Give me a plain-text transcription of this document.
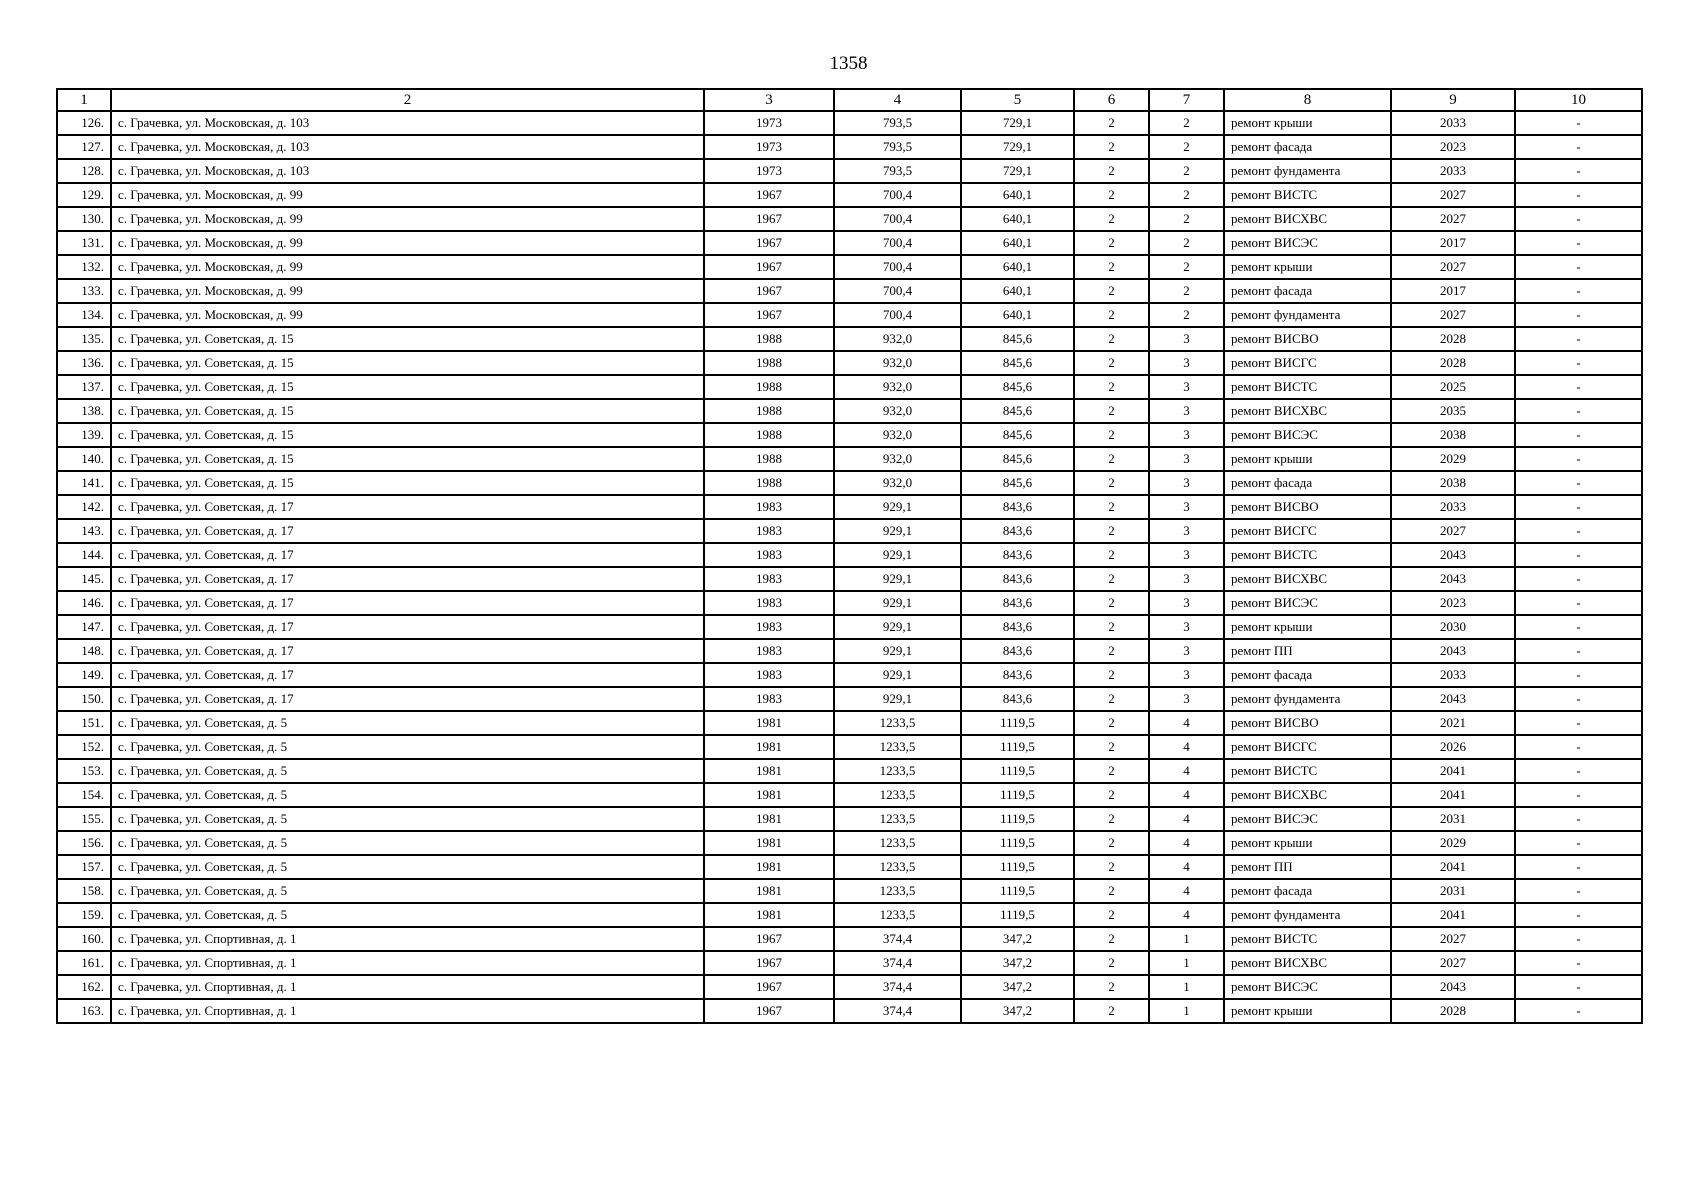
1358
1	2	3	4	5	6	7	8	9	10
126.	с. Грачевка, ул. Московская, д. 103	1973	793,5	729,1	2	2	ремонт крыши	2033	-
127.	с. Грачевка, ул. Московская, д. 103	1973	793,5	729,1	2	2	ремонт фасада	2023	-
128.	с. Грачевка, ул. Московская, д. 103	1973	793,5	729,1	2	2	ремонт фундамента	2033	-
129.	с. Грачевка, ул. Московская, д. 99	1967	700,4	640,1	2	2	ремонт ВИСТС	2027	-
130.	с. Грачевка, ул. Московская, д. 99	1967	700,4	640,1	2	2	ремонт ВИСХВС	2027	-
131.	с. Грачевка, ул. Московская, д. 99	1967	700,4	640,1	2	2	ремонт ВИСЭС	2017	-
132.	с. Грачевка, ул. Московская, д. 99	1967	700,4	640,1	2	2	ремонт крыши	2027	-
133.	с. Грачевка, ул. Московская, д. 99	1967	700,4	640,1	2	2	ремонт фасада	2017	-
134.	с. Грачевка, ул. Московская, д. 99	1967	700,4	640,1	2	2	ремонт фундамента	2027	-
135.	с. Грачевка, ул. Советская, д. 15	1988	932,0	845,6	2	3	ремонт ВИСВО	2028	-
136.	с. Грачевка, ул. Советская, д. 15	1988	932,0	845,6	2	3	ремонт ВИСГС	2028	-
137.	с. Грачевка, ул. Советская, д. 15	1988	932,0	845,6	2	3	ремонт ВИСТС	2025	-
138.	с. Грачевка, ул. Советская, д. 15	1988	932,0	845,6	2	3	ремонт ВИСХВС	2035	-
139.	с. Грачевка, ул. Советская, д. 15	1988	932,0	845,6	2	3	ремонт ВИСЭС	2038	-
140.	с. Грачевка, ул. Советская, д. 15	1988	932,0	845,6	2	3	ремонт крыши	2029	-
141.	с. Грачевка, ул. Советская, д. 15	1988	932,0	845,6	2	3	ремонт фасада	2038	-
142.	с. Грачевка, ул. Советская, д. 17	1983	929,1	843,6	2	3	ремонт ВИСВО	2033	-
143.	с. Грачевка, ул. Советская, д. 17	1983	929,1	843,6	2	3	ремонт ВИСГС	2027	-
144.	с. Грачевка, ул. Советская, д. 17	1983	929,1	843,6	2	3	ремонт ВИСТС	2043	-
145.	с. Грачевка, ул. Советская, д. 17	1983	929,1	843,6	2	3	ремонт ВИСХВС	2043	-
146.	с. Грачевка, ул. Советская, д. 17	1983	929,1	843,6	2	3	ремонт ВИСЭС	2023	-
147.	с. Грачевка, ул. Советская, д. 17	1983	929,1	843,6	2	3	ремонт крыши	2030	-
148.	с. Грачевка, ул. Советская, д. 17	1983	929,1	843,6	2	3	ремонт ПП	2043	-
149.	с. Грачевка, ул. Советская, д. 17	1983	929,1	843,6	2	3	ремонт фасада	2033	-
150.	с. Грачевка, ул. Советская, д. 17	1983	929,1	843,6	2	3	ремонт фундамента	2043	-
151.	с. Грачевка, ул. Советская, д. 5	1981	1233,5	1119,5	2	4	ремонт ВИСВО	2021	-
152.	с. Грачевка, ул. Советская, д. 5	1981	1233,5	1119,5	2	4	ремонт ВИСГС	2026	-
153.	с. Грачевка, ул. Советская, д. 5	1981	1233,5	1119,5	2	4	ремонт ВИСТС	2041	-
154.	с. Грачевка, ул. Советская, д. 5	1981	1233,5	1119,5	2	4	ремонт ВИСХВС	2041	-
155.	с. Грачевка, ул. Советская, д. 5	1981	1233,5	1119,5	2	4	ремонт ВИСЭС	2031	-
156.	с. Грачевка, ул. Советская, д. 5	1981	1233,5	1119,5	2	4	ремонт крыши	2029	-
157.	с. Грачевка, ул. Советская, д. 5	1981	1233,5	1119,5	2	4	ремонт ПП	2041	-
158.	с. Грачевка, ул. Советская, д. 5	1981	1233,5	1119,5	2	4	ремонт фасада	2031	-
159.	с. Грачевка, ул. Советская, д. 5	1981	1233,5	1119,5	2	4	ремонт фундамента	2041	-
160.	с. Грачевка, ул. Спортивная, д. 1	1967	374,4	347,2	2	1	ремонт ВИСТС	2027	-
161.	с. Грачевка, ул. Спортивная, д. 1	1967	374,4	347,2	2	1	ремонт ВИСХВС	2027	-
162.	с. Грачевка, ул. Спортивная, д. 1	1967	374,4	347,2	2	1	ремонт ВИСЭС	2043	-
163.	с. Грачевка, ул. Спортивная, д. 1	1967	374,4	347,2	2	1	ремонт крыши	2028	-
